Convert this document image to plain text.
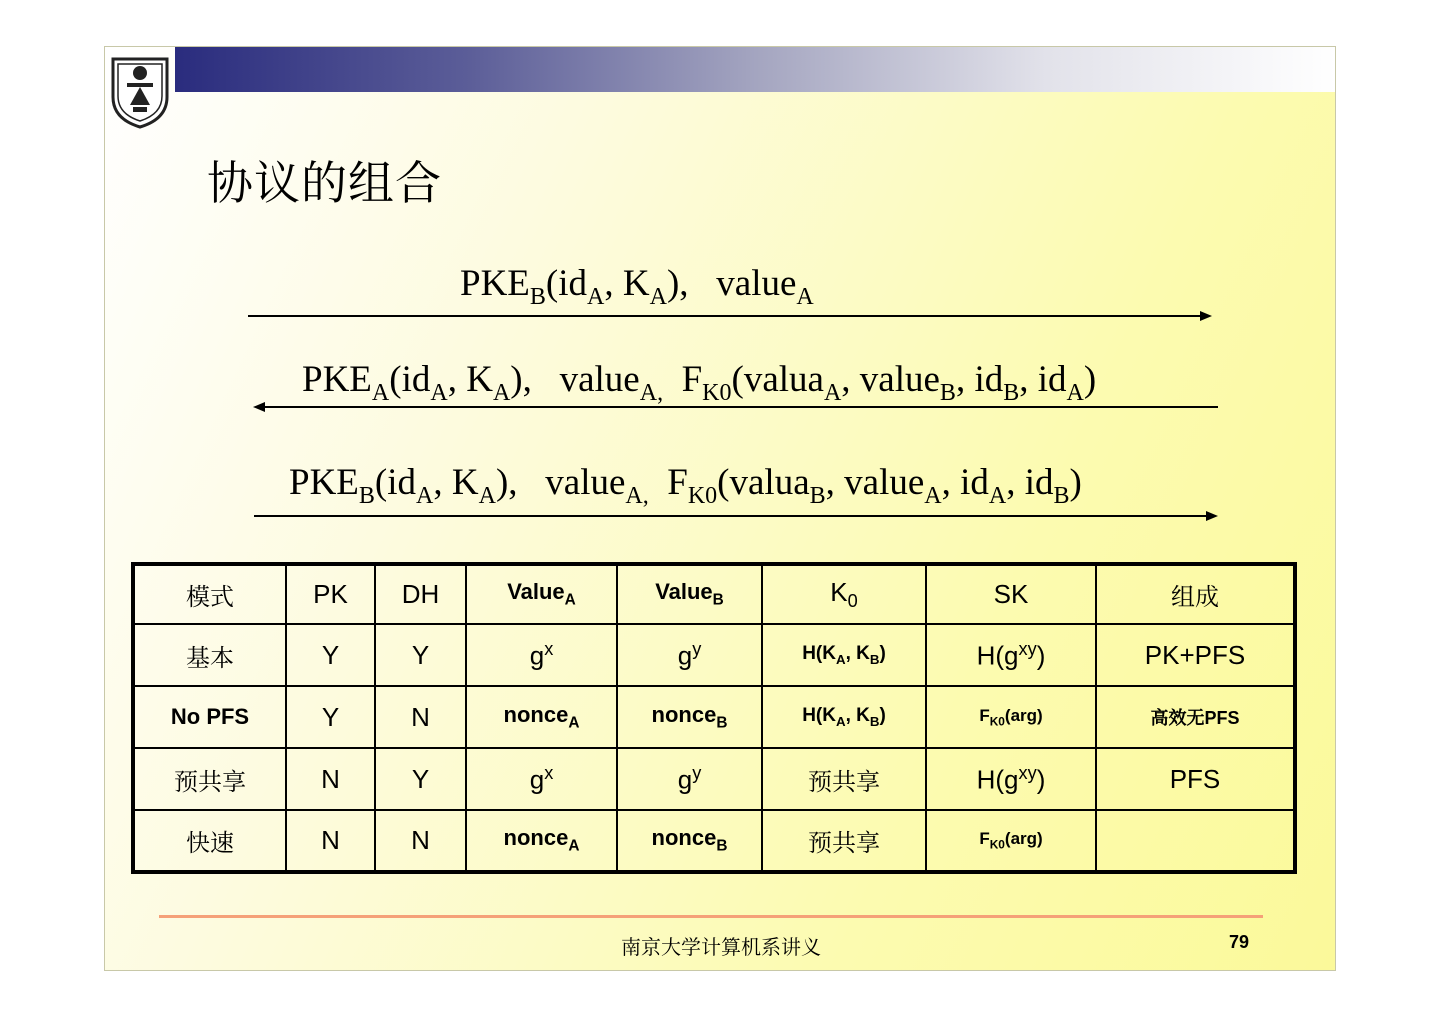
协议的组合
$PKE_B(id_A$, $K_A$),   value$_A$
$PKE_A(id_A$, $K_A$),   value$_{A,}$  $F_{K0}(valua_A$, value$_B$, $id_B$, $id_A$)
$PKE_B(id_A$, $K_A$),   value$_{A,}$  $F_{K0}(valua_B$, value$_A$, $id_A$, $id_B$)
模式	PK	DH	Value$_A$	Value$_B$	$K_0$	SK	组成
基本	Y	Y	$g^x$	$g^y$	$H(K_A$, $K_B$)	$H(g^{xy})$	PK+PFS
No PFS	Y	N	nonce$_A$	nonce$_B$	$H(K_A$, $K_B$)	$F_{K0}(arg)$	高效无PFS
预共享	N	Y	$g^x$	$g^y$	预共享	$H(g^{xy})$	PFS
快速	N	N	nonce$_A$	nonce$_B$	预共享	$F_{K0}(arg)$	
南京大学计算机系讲义	79
